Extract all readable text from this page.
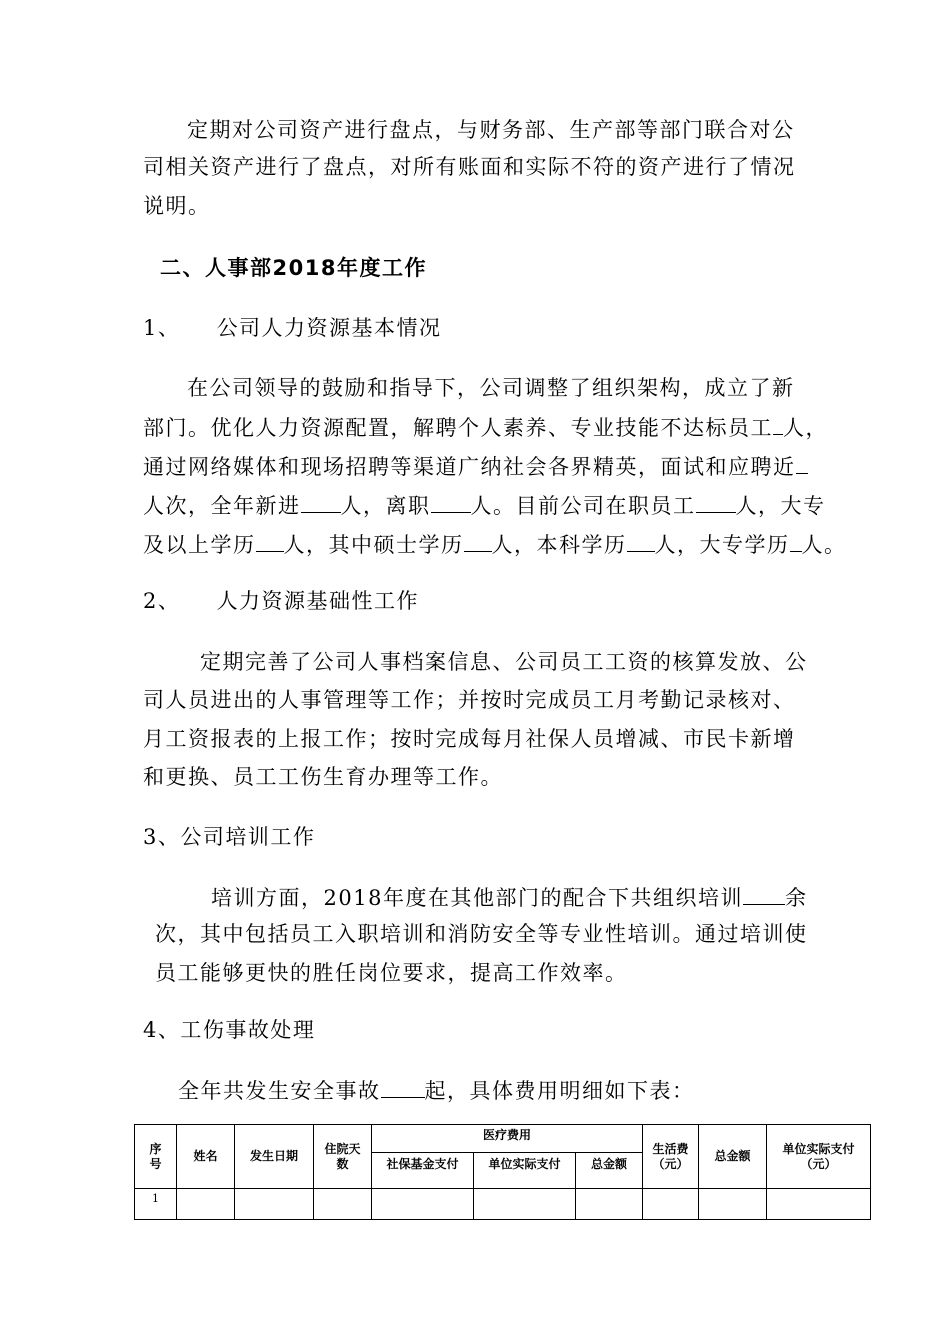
定期对公司资产进行盘点，与财务部、生产部等部门联合对公
司相关资产进行了盘点，对所有账面和实际不符的资产进行了情况
说明。
二、人事部2018年度工作
1、 公司人力资源基本情况
在公司领导的鼓励和指导下，公司调整了组织架构，成立了新
部门。优化人力资源配置，解聘个人素养、专业技能不达标员工 人，
通过网络媒体和现场招聘等渠道广纳社会各界精英，面试和应聘近
人次，全年新进 人，离职 人。目前公司在职员工 人，大专
及以上学历 人，其中硕士学历 人，本科学历 人，大专学历 人。
2、 人力资源基础性工作
定期完善了公司人事档案信息、公司员工工资的核算发放、公
司人员进出的人事管理等工作；并按时完成员工月考勤记录核对、
月工资报表的上报工作；按时完成每月社保人员增减、市民卡新增
和更换、员工工伤生育办理等工作。
3、公司培训工作
培训方面，2018年度在其他部门的配合下共组织培训 余
次，其中包括员工入职培训和消防安全等专业性培训。通过培训使
员工能够更快的胜任岗位要求，提高工作效率。
4、工伤事故处理
全年共发生安全事故 起，具体费用明细如下表：
序号	姓名	发生日期	住院天数	医疗费用			生活费（元）	总金额	单位实际支付（元）
				社保基金支付	单位实际支付	总金额			
1									
